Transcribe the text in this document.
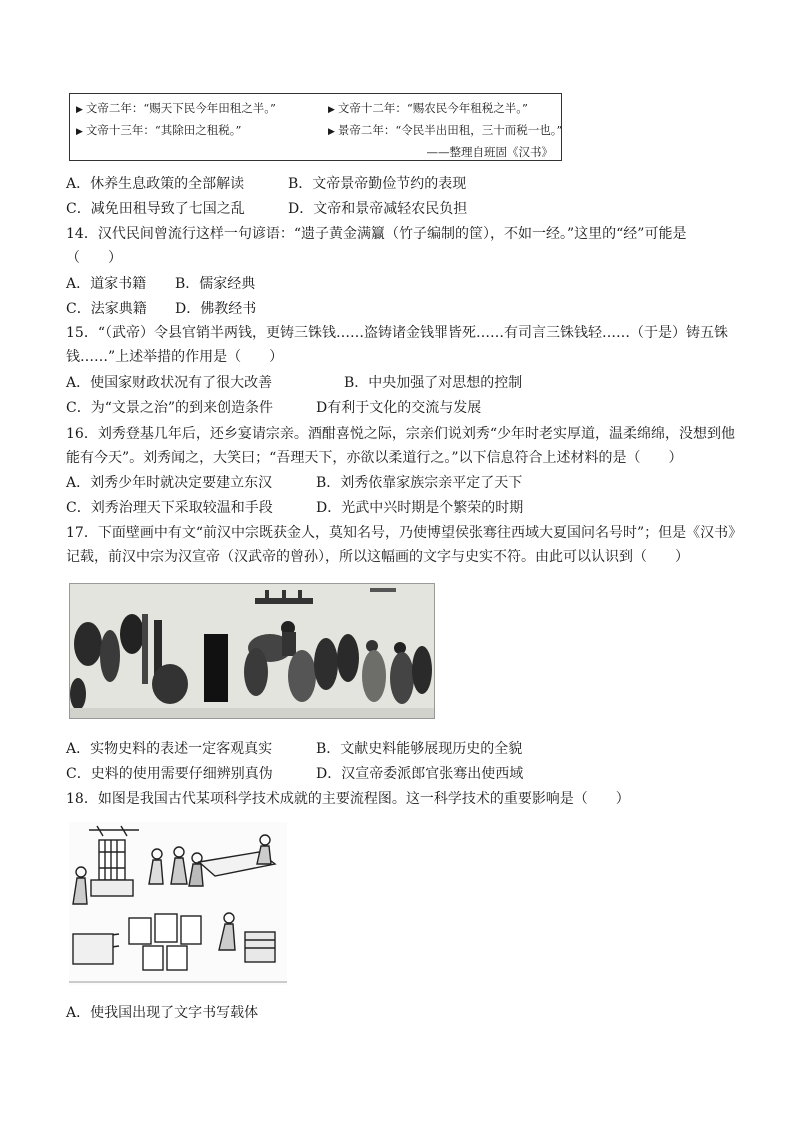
▶ 文帝二年：“赐天下民今年田租之半。”	▶ 文帝十二年：“赐农民今年租税之半。”
▶ 文帝十三年：“其除田之租税。”	▶ 景帝二年：“令民半出田租，三十而税一也。”
——整理自班固《汉书》
A．休养生息政策的全部解读	B．文帝景帝勤俭节约的表现
C．减免田租导致了七国之乱	D．文帝和景帝减轻农民负担
14．汉代民间曾流行这样一句谚语：“遗子黄金满籯（竹子编制的筐），不如一经。”这里的“经”可能是
（　　）
A．道家书籍 B．儒家经典
C．法家典籍 D．佛教经书
15．“（武帝）令县官销半两钱，更铸三铢钱……盗铸诸金钱罪皆死……有司言三铢钱轻……（于是）铸五铢
钱……”上述举措的作用是（　　）
A．使国家财政状况有了很大改善	B．中央加强了对思想的控制
C．为“文景之治”的到来创造条件	D有利于文化的交流与发展
16．刘秀登基几年后，还乡宴请宗亲。酒酣喜悦之际，宗亲们说刘秀“少年时老实厚道，温柔绵绵，没想到他
能有今天”。刘秀闻之，大笑曰；“吾理天下，亦欲以柔道行之。”以下信息符合上述材料的是（　　）
A．刘秀少年时就决定要建立东汉	B．刘秀依靠家族宗亲平定了天下
C．刘秀治理天下采取较温和手段	D．光武中兴时期是个繁荣的时期
17．下面壁画中有文“前汉中宗既获金人，莫知名号，乃使博望侯张骞往西域大夏国问名号时”；但是《汉书》
记载，前汉中宗为汉宣帝（汉武帝的曾孙），所以这幅画的文字与史实不符。由此可以认识到（　　）
A．实物史料的表述一定客观真实	B．文献史料能够展现历史的全貌
C．史料的使用需要仔细辨别真伪	D．汉宣帝委派郎官张骞出使西域
18．如图是我国古代某项科学技术成就的主要流程图。这一科学技术的重要影响是（　　）
A．使我国出现了文字书写载体
